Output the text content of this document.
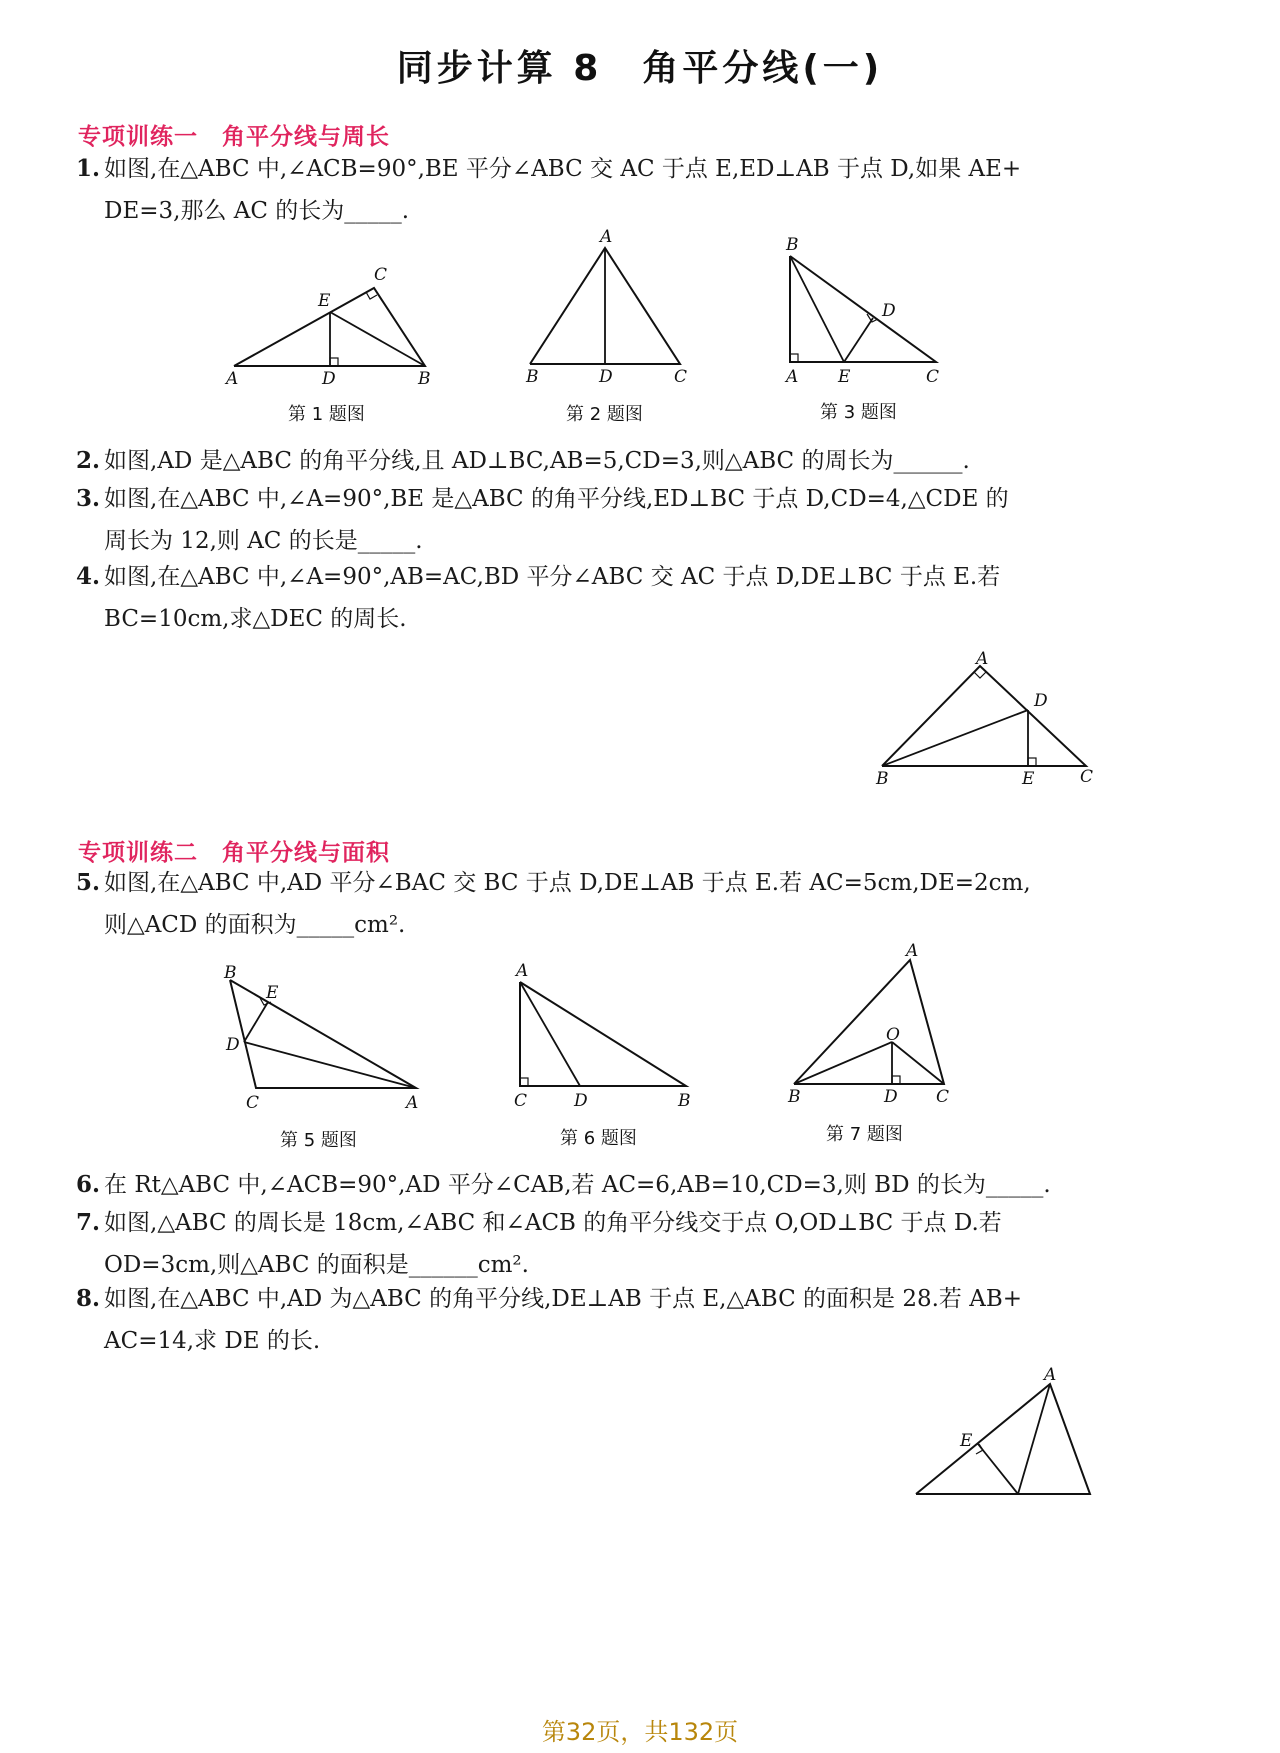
同步计算 8　角平分线(一)
专项训练一　角平分线与周长
1. 如图,在△ABC 中,∠ACB=90°,BE 平分∠ABC 交 AC 于点 E,ED⊥AB 于点 D,如果 AE+
DE=3,那么 AC 的长为_____.
A	B
C
D
E
第 1 题图
A
B	D	C
第 2 题图
B
A E	C
D
第 3 题图
2. 如图,AD 是△ABC 的角平分线,且 AD⊥BC,AB=5,CD=3,则△ABC 的周长为______.
3. 如图,在△ABC 中,∠A=90°,BE 是△ABC 的角平分线,ED⊥BC 于点 D,CD=4,△CDE 的
周长为 12,则 AC 的长是_____.
4. 如图,在△ABC 中,∠A=90°,AB=AC,BD 平分∠ABC 交 AC 于点 D,DE⊥BC 于点 E.若
BC=10cm,求△DEC 的周长.
A
D
B	E	C
专项训练二　角平分线与面积
5. 如图,在△ABC 中,AD 平分∠BAC 交 BC 于点 D,DE⊥AB 于点 E.若 AC=5cm,DE=2cm,
则△ACD 的面积为_____cm².
B
E
D
C	A
第 5 题图
A
C	D	B
第 6 题图
A
O
B	D C
第 7 题图
6. 在 Rt△ABC 中,∠ACB=90°,AD 平分∠CAB,若 AC=6,AB=10,CD=3,则 BD 的长为_____.
7. 如图,△ABC 的周长是 18cm,∠ABC 和∠ACB 的角平分线交于点 O,OD⊥BC 于点 D.若
OD=3cm,则△ABC 的面积是______cm².
8. 如图,在△ABC 中,AD 为△ABC 的角平分线,DE⊥AB 于点 E,△ABC 的面积是 28.若 AB+
AC=14,求 DE 的长.
A
E
第32页，共132页
